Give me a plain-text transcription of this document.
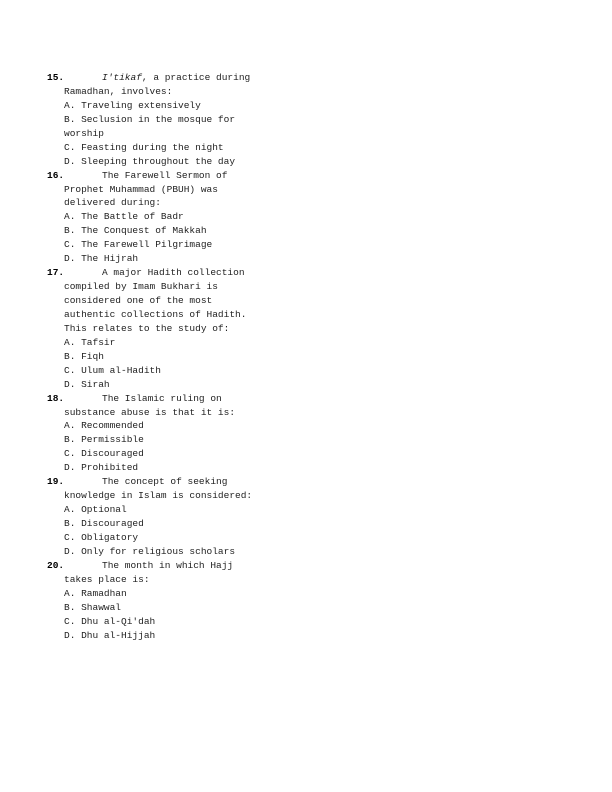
15.	I'tikaf, a practice during Ramadhan, involves:
A. Traveling extensively
B. Seclusion in the mosque for worship
C. Feasting during the night
D. Sleeping throughout the day
16.	The Farewell Sermon of Prophet Muhammad (PBUH) was delivered during:
A. The Battle of Badr
B. The Conquest of Makkah
C. The Farewell Pilgrimage
D. The Hijrah
17.	A major Hadith collection compiled by Imam Bukhari is considered one of the most authentic collections of Hadith. This relates to the study of:
A. Tafsir
B. Fiqh
C. Ulum al-Hadith
D. Sirah
18.	The Islamic ruling on substance abuse is that it is:
A. Recommended
B. Permissible
C. Discouraged
D. Prohibited
19.	The concept of seeking knowledge in Islam is considered:
A. Optional
B. Discouraged
C. Obligatory
D. Only for religious scholars
20.	The month in which Hajj takes place is:
A. Ramadhan
B. Shawwal
C. Dhu al-Qi'dah
D. Dhu al-Hijjah
